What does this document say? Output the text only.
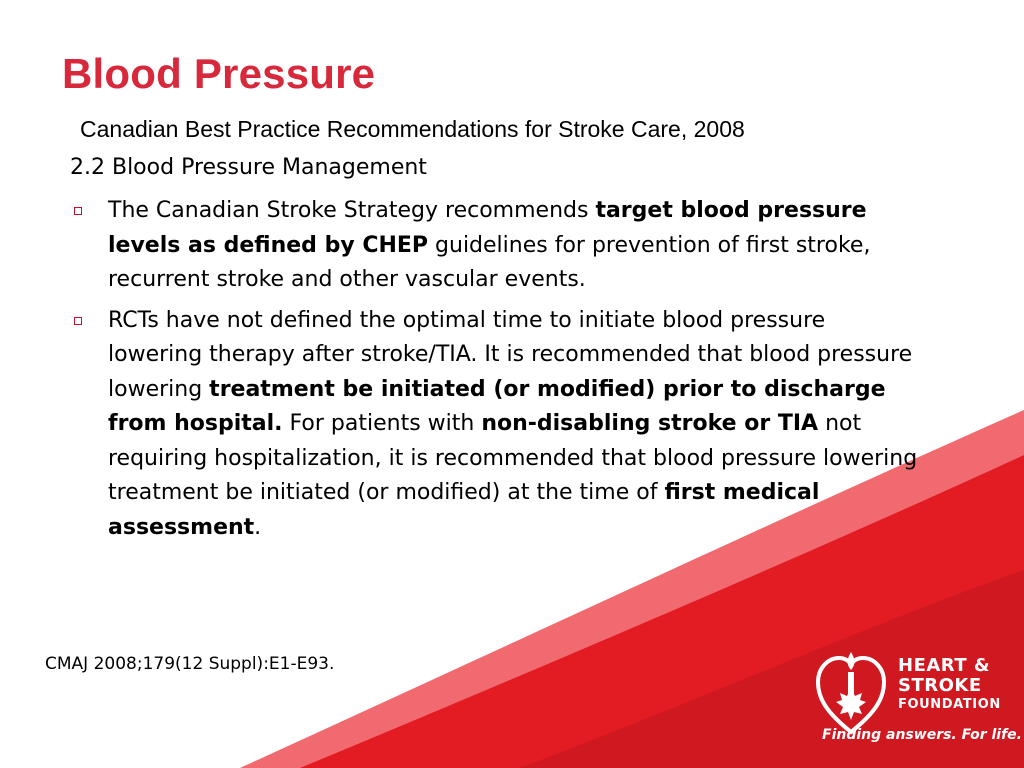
Blood Pressure
Canadian Best Practice Recommendations for Stroke Care, 2008
2.2 Blood Pressure Management
The Canadian Stroke Strategy recommends target blood pressure levels as defined by CHEP guidelines for prevention of first stroke, recurrent stroke and other vascular events.
RCTs have not defined the optimal time to initiate blood pressure lowering therapy after stroke/TIA. It is recommended that blood pressure lowering treatment be initiated (or modified) prior to discharge from hospital. For patients with non-disabling stroke or TIA not requiring hospitalization, it is recommended that blood pressure lowering treatment be initiated (or modified) at the time of first medical assessment.
CMAJ 2008;179(12 Suppl):E1-E93.	HEART &
STROKE
FOUNDATION
Finding answers. For life.
